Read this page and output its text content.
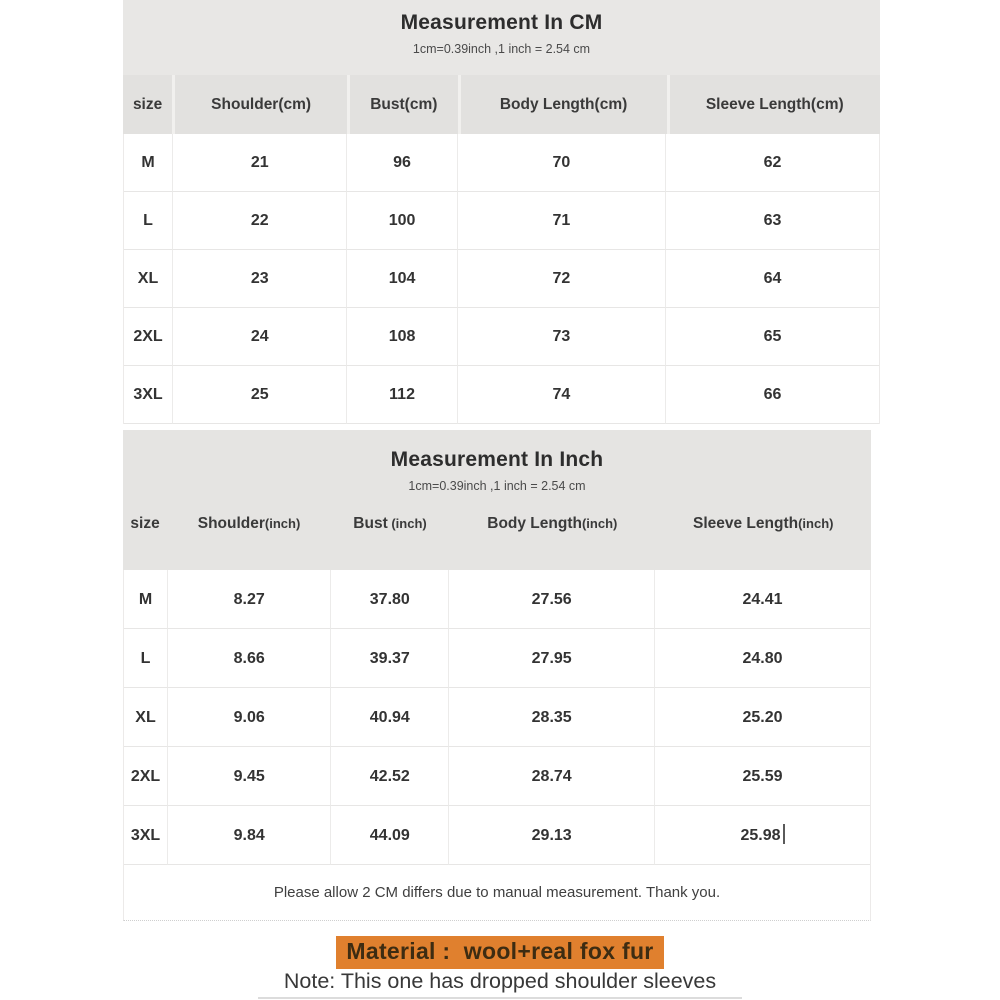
Measurement In CM
1cm=0.39inch ,1 inch = 2.54 cm
size	Shoulder(cm)	Bust(cm)	Body Length(cm)	Sleeve Length(cm)
M	21	96	70	62
L	22	100	71	63
XL	23	104	72	64
2XL	24	108	73	65
3XL	25	112	74	66
Measurement In Inch
1cm=0.39inch ,1 inch = 2.54 cm
size	Shoulder(inch)	Bust (inch)	Body Length(inch)	Sleeve Length(inch)
M	8.27	37.80	27.56	24.41
L	8.66	39.37	27.95	24.80
XL	9.06	40.94	28.35	25.20
2XL	9.45	42.52	28.74	25.59
3XL	9.84	44.09	29.13	25.98
Please allow 2 CM differs due to manual measurement. Thank you.
Material :  wool+real fox fur
Note: This one has dropped shoulder sleeves
